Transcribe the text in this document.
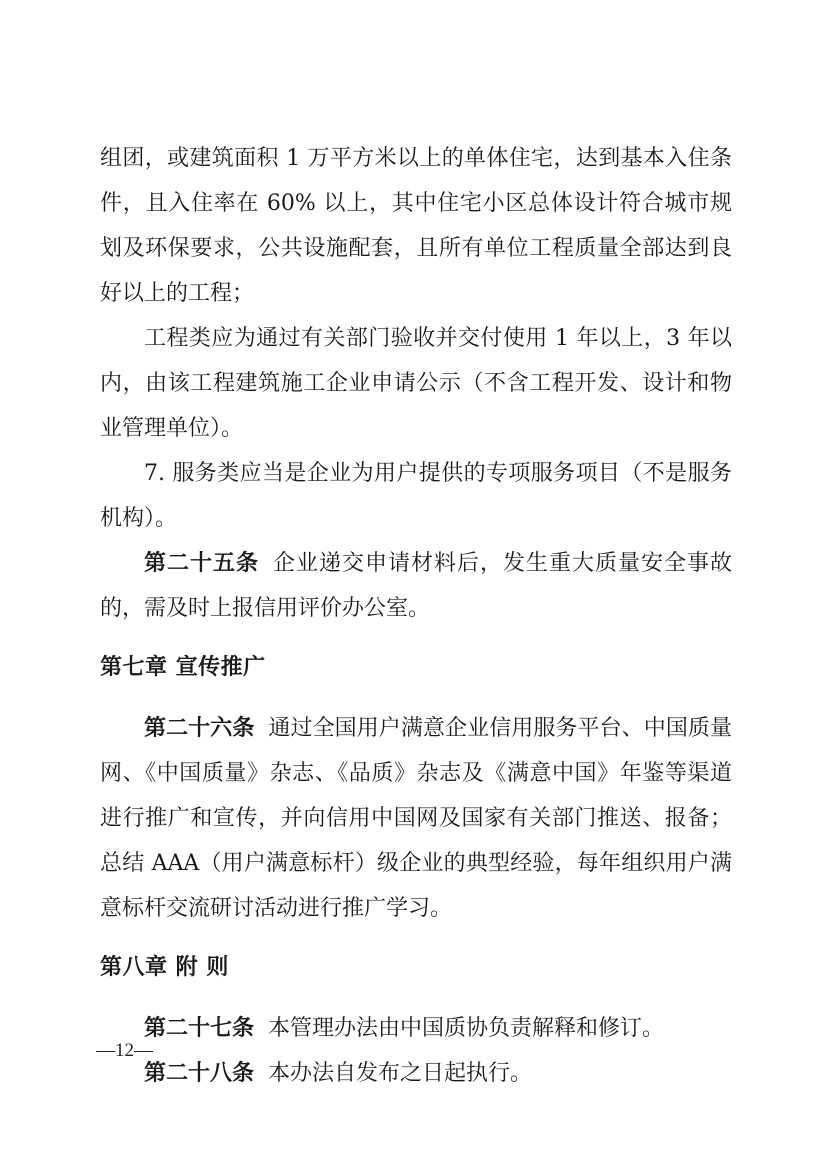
组团，或建筑面积 1 万平方米以上的单体住宅，达到基本入住条件，且入住率在 60% 以上，其中住宅小区总体设计符合城市规划及环保要求，公共设施配套，且所有单位工程质量全部达到良好以上的工程；

工程类应为通过有关部门验收并交付使用 1 年以上，3 年以内，由该工程建筑施工企业申请公示（不含工程开发、设计和物业管理单位）。

7. 服务类应当是企业为用户提供的专项服务项目（不是服务机构）。

第二十五条 企业递交申请材料后，发生重大质量安全事故的，需及时上报信用评价办公室。

第七章 宣传推广

第二十六条 通过全国用户满意企业信用服务平台、中国质量网、《中国质量》杂志、《品质》杂志及《满意中国》年鉴等渠道进行推广和宣传，并向信用中国网及国家有关部门推送、报备；总结 AAA（用户满意标杆）级企业的典型经验，每年组织用户满意标杆交流研讨活动进行推广学习。

第八章 附 则

第二十七条 本管理办法由中国质协负责解释和修订。

第二十八条 本办法自发布之日起执行。

—12—
